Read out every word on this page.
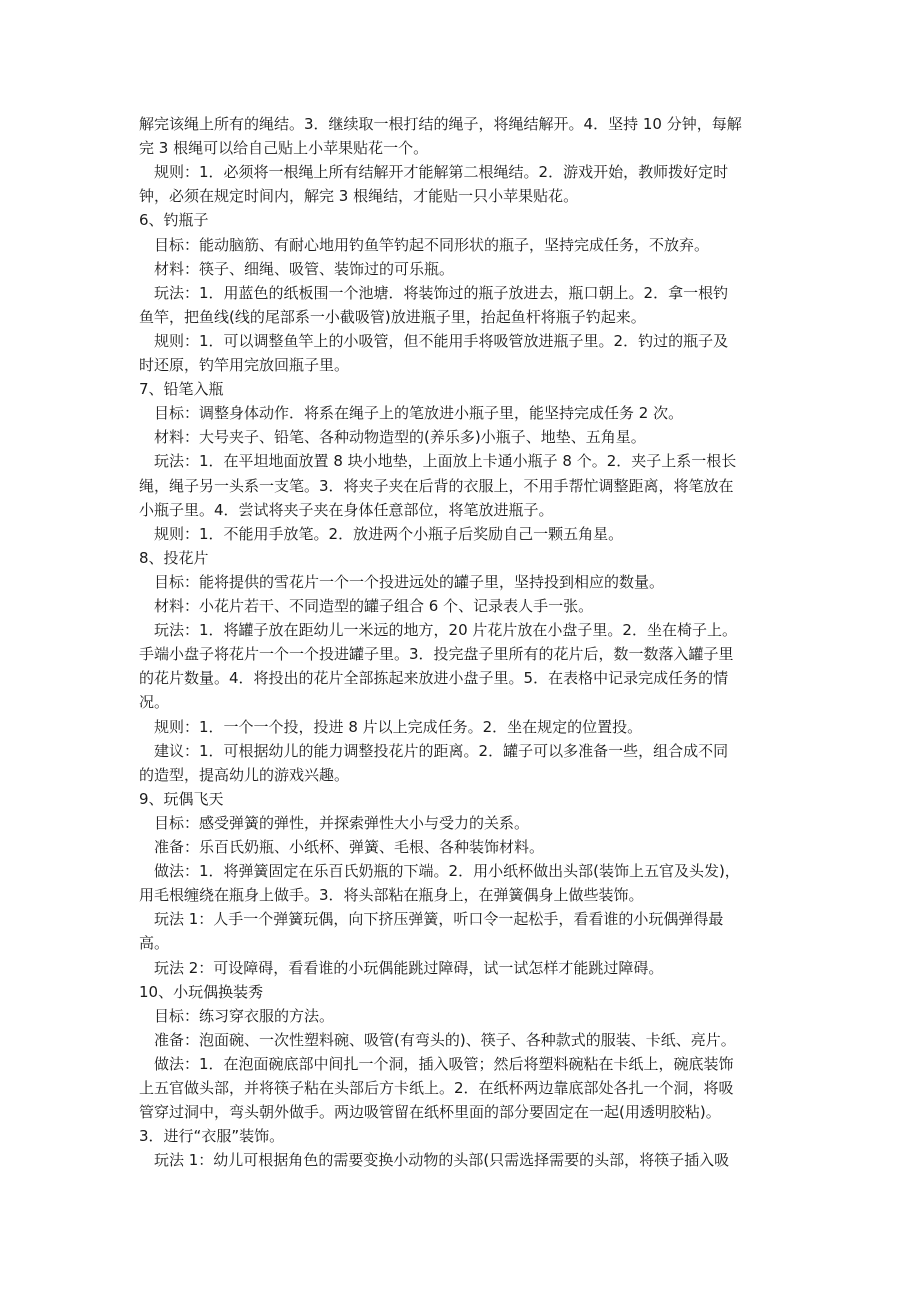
解完该绳上所有的绳结。3．继续取一根打结的绳子，将绳结解开。4．坚持 10 分钟，每解
完 3 根绳可以给自己贴上小苹果贴花一个。
　规则：1．必须将一根绳上所有结解开才能解第二根绳结。2．游戏开始，教师拨好定时
钟，必须在规定时间内，解完 3 根绳结，才能贴一只小苹果贴花。
6、钓瓶子
　目标：能动脑筋、有耐心地用钓鱼竿钓起不同形状的瓶子，坚持完成任务，不放弃。
　材料：筷子、细绳、吸管、装饰过的可乐瓶。
　玩法：1．用蓝色的纸板围一个池塘．将装饰过的瓶子放进去，瓶口朝上。2．拿一根钓
鱼竿，把鱼线(线的尾部系一小截吸管)放进瓶子里，抬起鱼杆将瓶子钓起来。
　规则：1．可以调整鱼竿上的小吸管，但不能用手将吸管放进瓶子里。2．钓过的瓶子及
时还原，钓竿用完放回瓶子里。
7、铅笔入瓶
　目标：调整身体动作．将系在绳子上的笔放进小瓶子里，能坚持完成任务 2 次。
　材料：大号夹子、铅笔、各种动物造型的(养乐多)小瓶子、地垫、五角星。
　玩法：1．在平坦地面放置 8 块小地垫，上面放上卡通小瓶子 8 个。2．夹子上系一根长
绳，绳子另一头系一支笔。3．将夹子夹在后背的衣服上，不用手帮忙调整距离，将笔放在
小瓶子里。4．尝试将夹子夹在身体任意部位，将笔放进瓶子。
　规则：1．不能用手放笔。2．放进两个小瓶子后奖励自己一颗五角星。
8、投花片
　目标：能将提供的雪花片一个一个投进远处的罐子里，坚持投到相应的数量。
　材料：小花片若干、不同造型的罐子组合 6 个、记录表人手一张。
　玩法：1．将罐子放在距幼儿一米远的地方，20 片花片放在小盘子里。2．坐在椅子上。
手端小盘子将花片一个一个投进罐子里。3．投完盘子里所有的花片后，数一数落入罐子里
的花片数量。4．将投出的花片全部拣起来放进小盘子里。5．在表格中记录完成任务的情
况。
　规则：1．一个一个投，投进 8 片以上完成任务。2．坐在规定的位置投。
　建议：1．可根据幼儿的能力调整投花片的距离。2．罐子可以多准备一些，组合成不同
的造型，提高幼儿的游戏兴趣。
9、玩偶飞天
　目标：感受弹簧的弹性，并探索弹性大小与受力的关系。
　准备：乐百氏奶瓶、小纸杯、弹簧、毛根、各种装饰材料。
　做法：1．将弹簧固定在乐百氏奶瓶的下端。2．用小纸杯做出头部(装饰上五官及头发)，
用毛根缠绕在瓶身上做手。3．将头部粘在瓶身上，在弹簧偶身上做些装饰。
　玩法 1：人手一个弹簧玩偶，向下挤压弹簧，听口令一起松手，看看谁的小玩偶弹得最
高。
　玩法 2：可设障碍，看看谁的小玩偶能跳过障碍，试一试怎样才能跳过障碍。
10、小玩偶换装秀
　目标：练习穿衣服的方法。
　准备：泡面碗、一次性塑料碗、吸管(有弯头的)、筷子、各种款式的服装、卡纸、亮片。
　做法：1．在泡面碗底部中间扎一个洞，插入吸管；然后将塑料碗粘在卡纸上，碗底装饰
上五官做头部，并将筷子粘在头部后方卡纸上。2．在纸杯两边靠底部处各扎一个洞，将吸
管穿过洞中，弯头朝外做手。两边吸管留在纸杯里面的部分要固定在一起(用透明胶粘)。
3．进行“衣服”装饰。
　玩法 1：幼儿可根据角色的需要变换小动物的头部(只需选择需要的头部，将筷子插入吸
